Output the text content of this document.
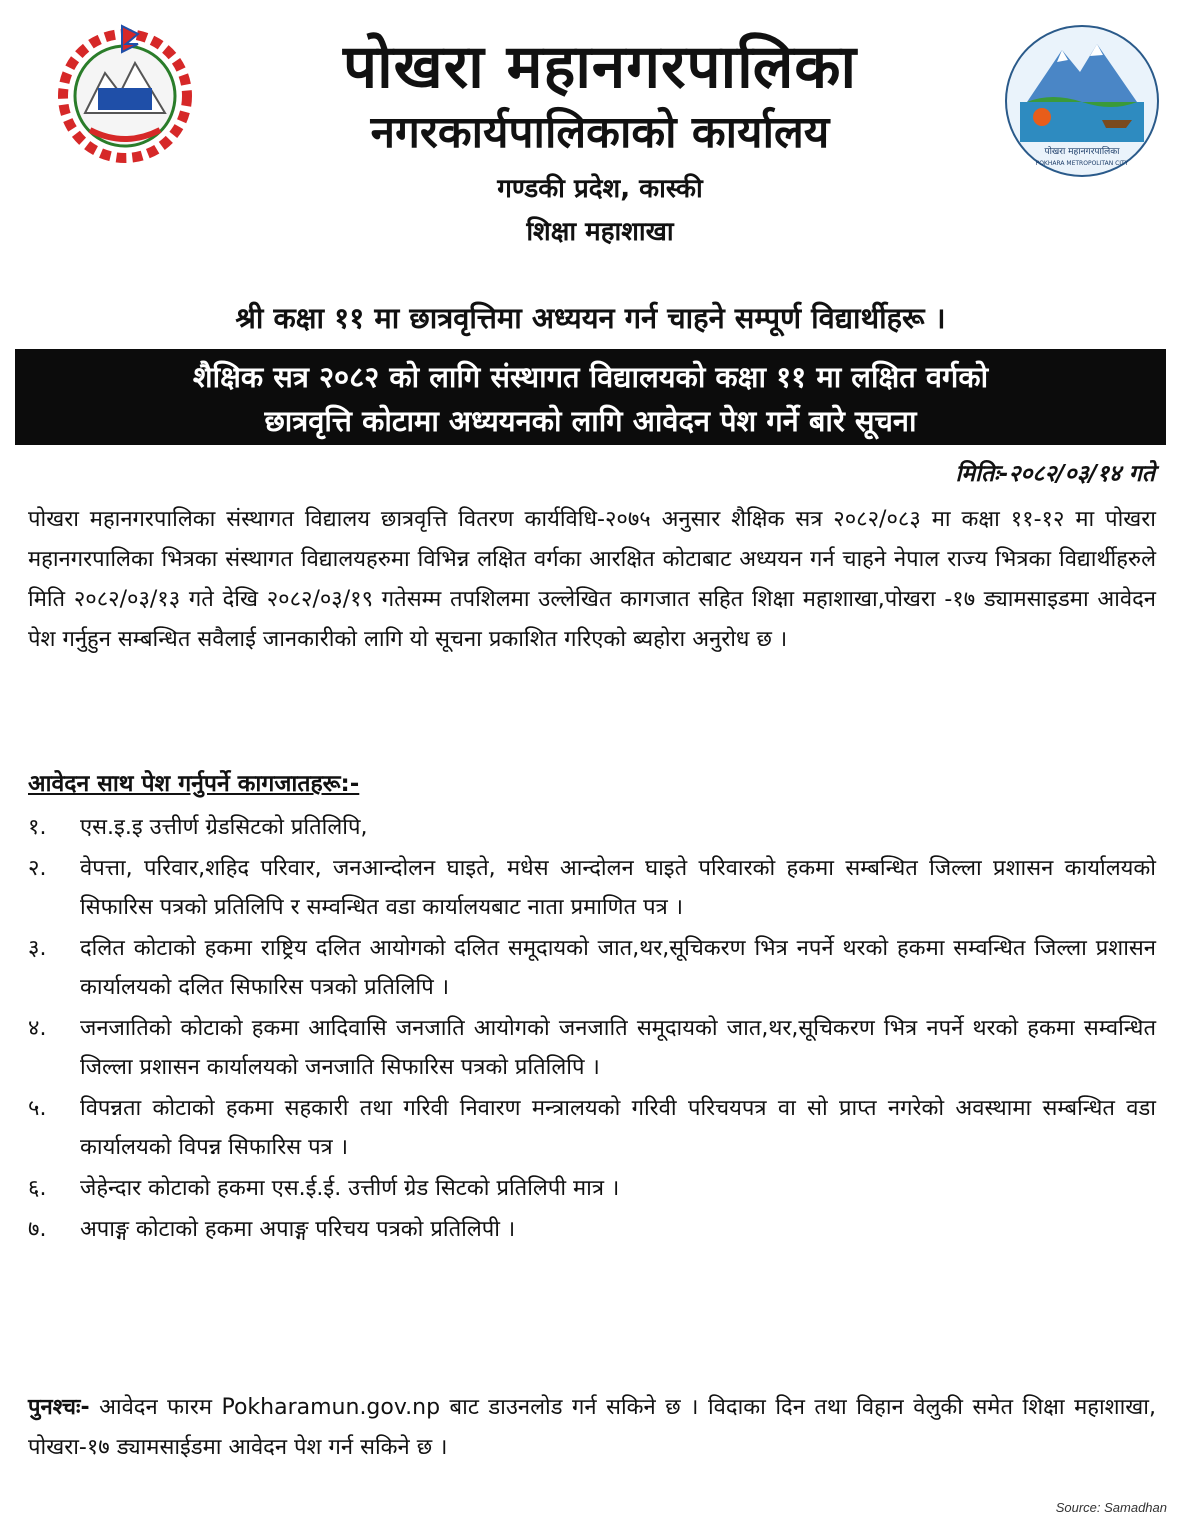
पोखरा महानगरपालिका
POKHARA METROPOLITAN CITY
पोखरा महानगरपालिका
नगरकार्यपालिकाको कार्यालय
गण्डकी प्रदेश, कास्की
शिक्षा महाशाखा
श्री कक्षा ११ मा छात्रवृत्तिमा अध्ययन गर्न चाहने सम्पूर्ण विद्यार्थीहरू ।
शैक्षिक सत्र २०८२ को लागि संस्थागत विद्यालयको कक्षा ११ मा लक्षित वर्गको
छात्रवृत्ति कोटामा अध्ययनको लागि आवेदन पेश गर्ने बारे सूचना
मितिः-२०८२/०३/१४ गते

पोखरा महानगरपालिका संस्थागत विद्यालय छात्रवृत्ति वितरण कार्यविधि-२०७५ अनुसार शैक्षिक सत्र २०८२/०८३ मा कक्षा ११-१२ मा पोखरा महानगरपालिका भित्रका संस्थागत विद्यालयहरुमा विभिन्न लक्षित वर्गका आरक्षित कोटाबाट अध्ययन गर्न चाहने नेपाल राज्य भित्रका विद्यार्थीहरुले मिति २०८२/०३/१३ गते देखि २०८२/०३/१९ गतेसम्म तपशिलमा उल्लेखित कागजात सहित शिक्षा महाशाखा,पोखरा -१७ ड्यामसाइडमा आवेदन पेश गर्नुहुन सम्बन्धित सवैलाई जानकारीको लागि यो सूचना प्रकाशित गरिएको ब्यहोरा अनुरोध छ ।

आवेदन साथ पेश गर्नुपर्ने कागजातहरू:-
१.	एस.इ.इ उत्तीर्ण ग्रेडसिटको प्रतिलिपि,
२.	वेपत्ता, परिवार,शहिद परिवार, जनआन्दोलन घाइते, मधेस आन्दोलन घाइते परिवारको हकमा सम्बन्धित जिल्ला प्रशासन कार्यालयको सिफारिस पत्रको प्रतिलिपि र सम्वन्धित वडा कार्यालयबाट नाता प्रमाणित पत्र ।
३.	दलित कोटाको हकमा राष्ट्रिय दलित आयोगको दलित समूदायको जात,थर,सूचिकरण भित्र नपर्ने थरको हकमा सम्वन्धित जिल्ला प्रशासन कार्यालयको दलित सिफारिस पत्रको प्रतिलिपि ।
४.	जनजातिको कोटाको हकमा आदिवासि जनजाति आयोगको जनजाति समूदायको जात,थर,सूचिकरण भित्र नपर्ने थरको हकमा सम्वन्धित जिल्ला प्रशासन कार्यालयको जनजाति सिफारिस पत्रको प्रतिलिपि ।
५.	विपन्नता कोटाको हकमा सहकारी तथा गरिवी निवारण मन्त्रालयको गरिवी परिचयपत्र वा सो प्राप्त नगरेको अवस्थामा सम्बन्धित वडा कार्यालयको विपन्न सिफारिस पत्र ।
६.	जेहेन्दार कोटाको हकमा एस.ई.ई. उत्तीर्ण ग्रेड सिटको प्रतिलिपी मात्र ।
७.	अपाङ्ग कोटाको हकमा अपाङ्ग परिचय पत्रको प्रतिलिपी ।
पुनश्चः- आवेदन फारम Pokharamun.gov.np बाट डाउनलोड गर्न सकिने छ । विदाका दिन तथा विहान वेलुकी समेत शिक्षा महाशाखा, पोखरा-१७ ड्यामसाईडमा आवेदन पेश गर्न सकिने छ ।
Source: Samadhan
